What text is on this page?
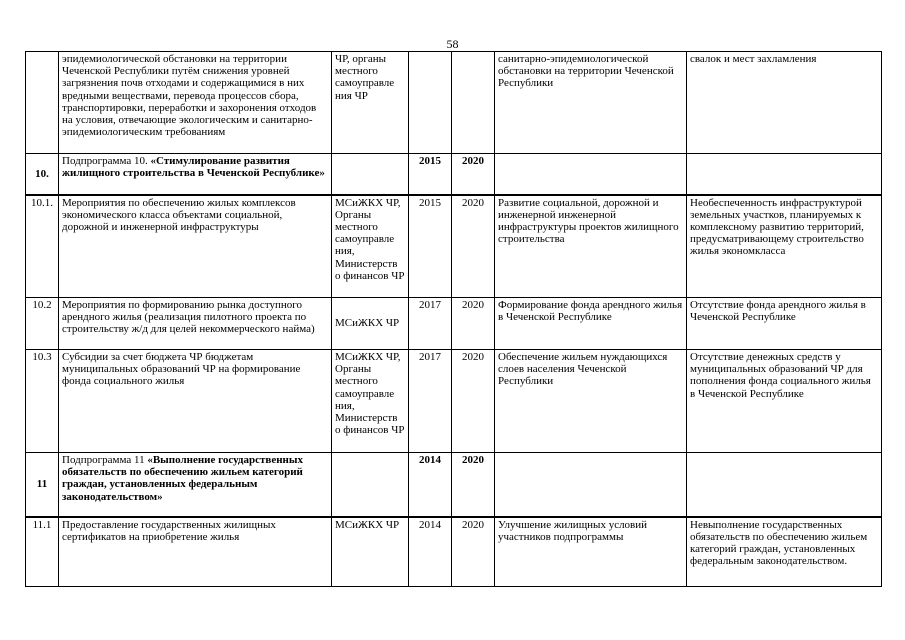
58
	эпидемиологической обстановки на территории Чеченской Республики путём снижения уровней загрязнения почв отходами и содержащимися в них вредными веществами, перевода процессов сбора, транспортировки, переработки и захоронения отходов на условия, отвечающие экологическим и санитарно-эпидемиологическим требованиям	ЧР, органы местного самоуправле ния ЧР			санитарно-эпидемиологической обстановки на территории Чеченской Республики	свалок и мест захламления
10.	Подпрограмма 10. «Стимулирование развития жилищного строительства в Чеченской Республике»		2015	2020		
10.1.	Мероприятия по обеспечению жилых комплексов экономического класса объектами социальной, дорожной и инженерной инфраструктуры	МСиЖКХ ЧР, Органы местного самоуправле ния, Министерств о финансов ЧР	2015	2020	Развитие социальной, дорожной и инженерной инженерной инфраструктуры проектов жилищного строительства	Необеспеченность инфраструктурой земельных участков, планируемых к комплексному развитию территорий, предусматривающему строительство жилья экономкласса
10.2	Мероприятия по формированию рынка доступного арендного жилья (реализация пилотного проекта по строительству ж/д для целей некоммерческого найма)	МСиЖКХ ЧР	2017	2020	Формирование фонда арендного жилья в Чеченской Республике	Отсутствие фонда арендного жилья в Чеченской Республике
10.3	Субсидии за счет бюджета ЧР бюджетам муниципальных образований ЧР на формирование фонда социального жилья	МСиЖКХ ЧР, Органы местного самоуправле ния, Министерств о финансов ЧР	2017	2020	Обеспечение жильем нуждающихся слоев населения Чеченской Республики	Отсутствие денежных средств у муниципальных образований ЧР для пополнения фонда социального жилья в Чеченской Республике
11	Подпрограмма 11 «Выполнение государственных обязательств по обеспечению жильем категорий граждан, установленных федеральным законодательством»		2014	2020		
11.1	Предоставление государственных жилищных сертификатов на приобретение жилья	МСиЖКХ ЧР	2014	2020	Улучшение жилищных условий участников подпрограммы	Невыполнение государственных обязательств по обеспечению жильем категорий граждан, установленных федеральным законодательством.
